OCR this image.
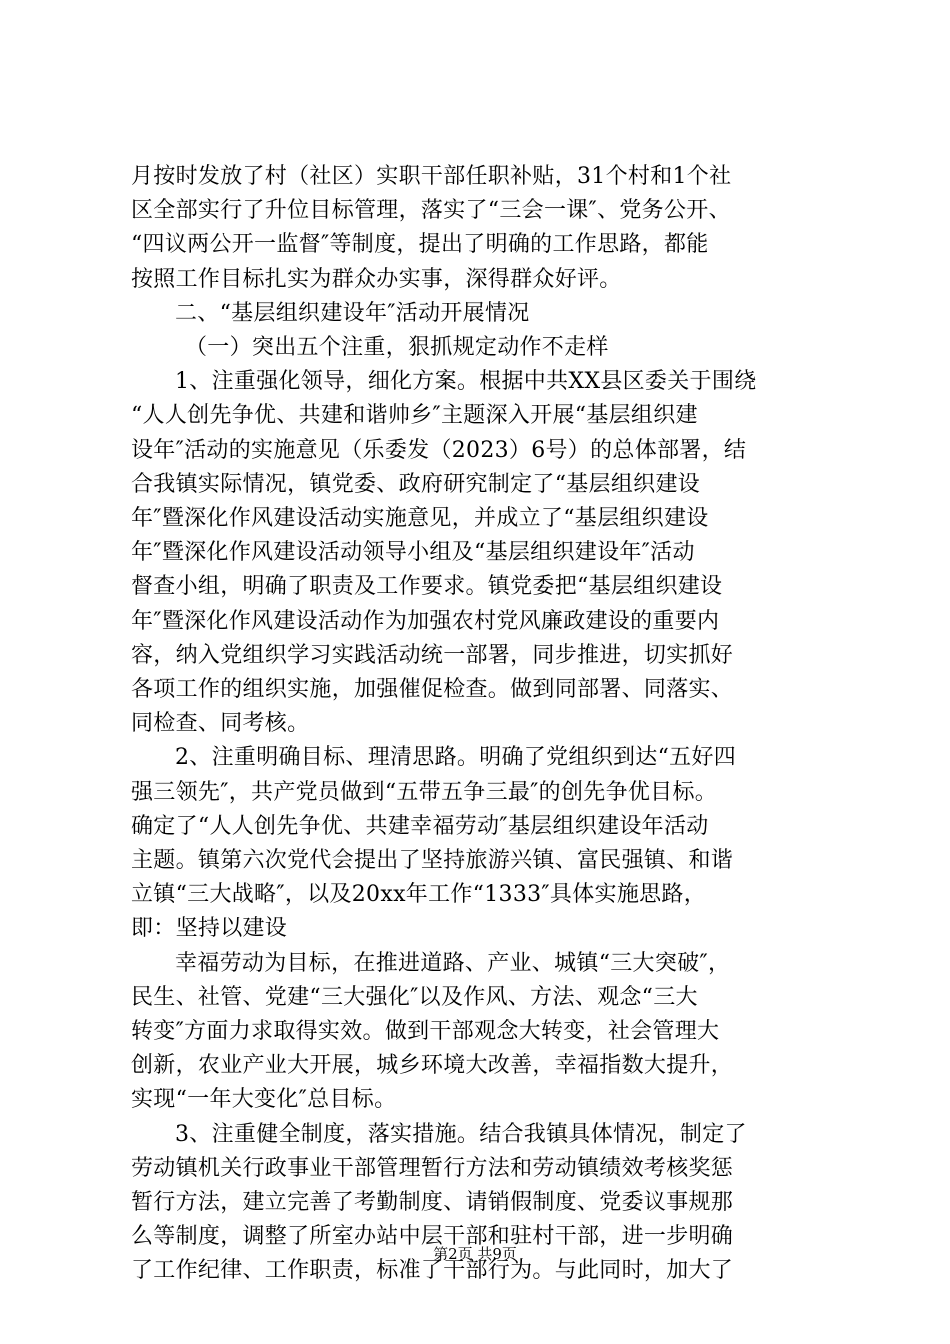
月按时发放了村（社区）实职干部任职补贴，31个村和1个社
区全部实行了升位目标管理，落实了“三会一课″、党务公开、
“四议两公开一监督″等制度，提出了明确的工作思路，都能
按照工作目标扎实为群众办实事，深得群众好评。
二、“基层组织建设年″活动开展情况
（一）突出五个注重，狠抓规定动作不走样
1、注重强化领导，细化方案。根据中共XX县区委关于围绕
“人人创先争优、共建和谐帅乡″主题深入开展“基层组织建
设年″活动的实施意见（乐委发（2023）6号）的总体部署，结
合我镇实际情况，镇党委、政府研究制定了“基层组织建设
年″暨深化作风建设活动实施意见，并成立了“基层组织建设
年″暨深化作风建设活动领导小组及“基层组织建设年″活动
督查小组，明确了职责及工作要求。镇党委把“基层组织建设
年″暨深化作风建设活动作为加强农村党风廉政建设的重要内
容，纳入党组织学习实践活动统一部署，同步推进，切实抓好
各项工作的组织实施，加强催促检查。做到同部署、同落实、
同检查、同考核。
2、注重明确目标、理清思路。明确了党组织到达“五好四
强三领先″，共产党员做到“五带五争三最″的创先争优目标。
确定了“人人创先争优、共建幸福劳动″基层组织建设年活动
主题。镇第六次党代会提出了坚持旅游兴镇、富民强镇、和谐
立镇“三大战略″，以及20xx年工作“1333″具体实施思路，
即：坚持以建设
幸福劳动为目标，在推进道路、产业、城镇“三大突破″，
民生、社管、党建“三大强化″以及作风、方法、观念“三大
转变″方面力求取得实效。做到干部观念大转变，社会管理大
创新，农业产业大开展，城乡环境大改善，幸福指数大提升，
实现“一年大变化″总目标。
3、注重健全制度，落实措施。结合我镇具体情况，制定了
劳动镇机关行政事业干部管理暂行方法和劳动镇绩效考核奖惩
暂行方法，建立完善了考勤制度、请销假制度、党委议事规那
么等制度，调整了所室办站中层干部和驻村干部，进一步明确
了工作纪律、工作职责，标准了干部行为。与此同时，加大了
第2页 共9页
